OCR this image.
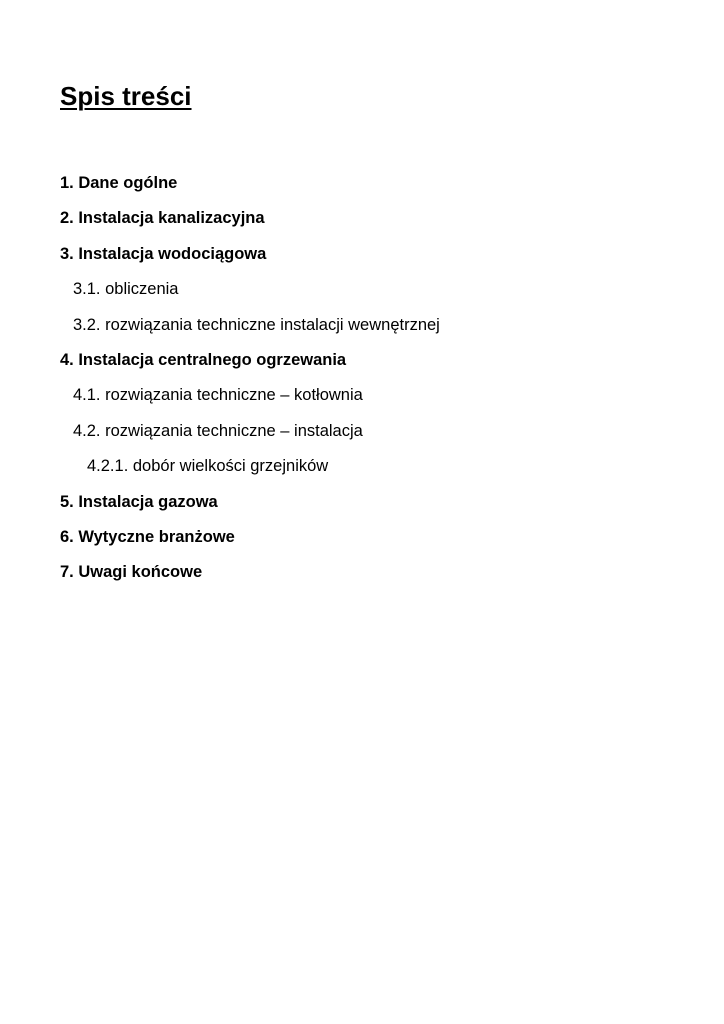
Spis treści
1. Dane ogólne
2. Instalacja kanalizacyjna
3. Instalacja wodociągowa
3.1. obliczenia
3.2. rozwiązania techniczne instalacji wewnętrznej
4. Instalacja centralnego ogrzewania
4.1. rozwiązania techniczne – kotłownia
4.2. rozwiązania techniczne – instalacja
4.2.1. dobór wielkości grzejników
5. Instalacja gazowa
6. Wytyczne branżowe
7. Uwagi końcowe
